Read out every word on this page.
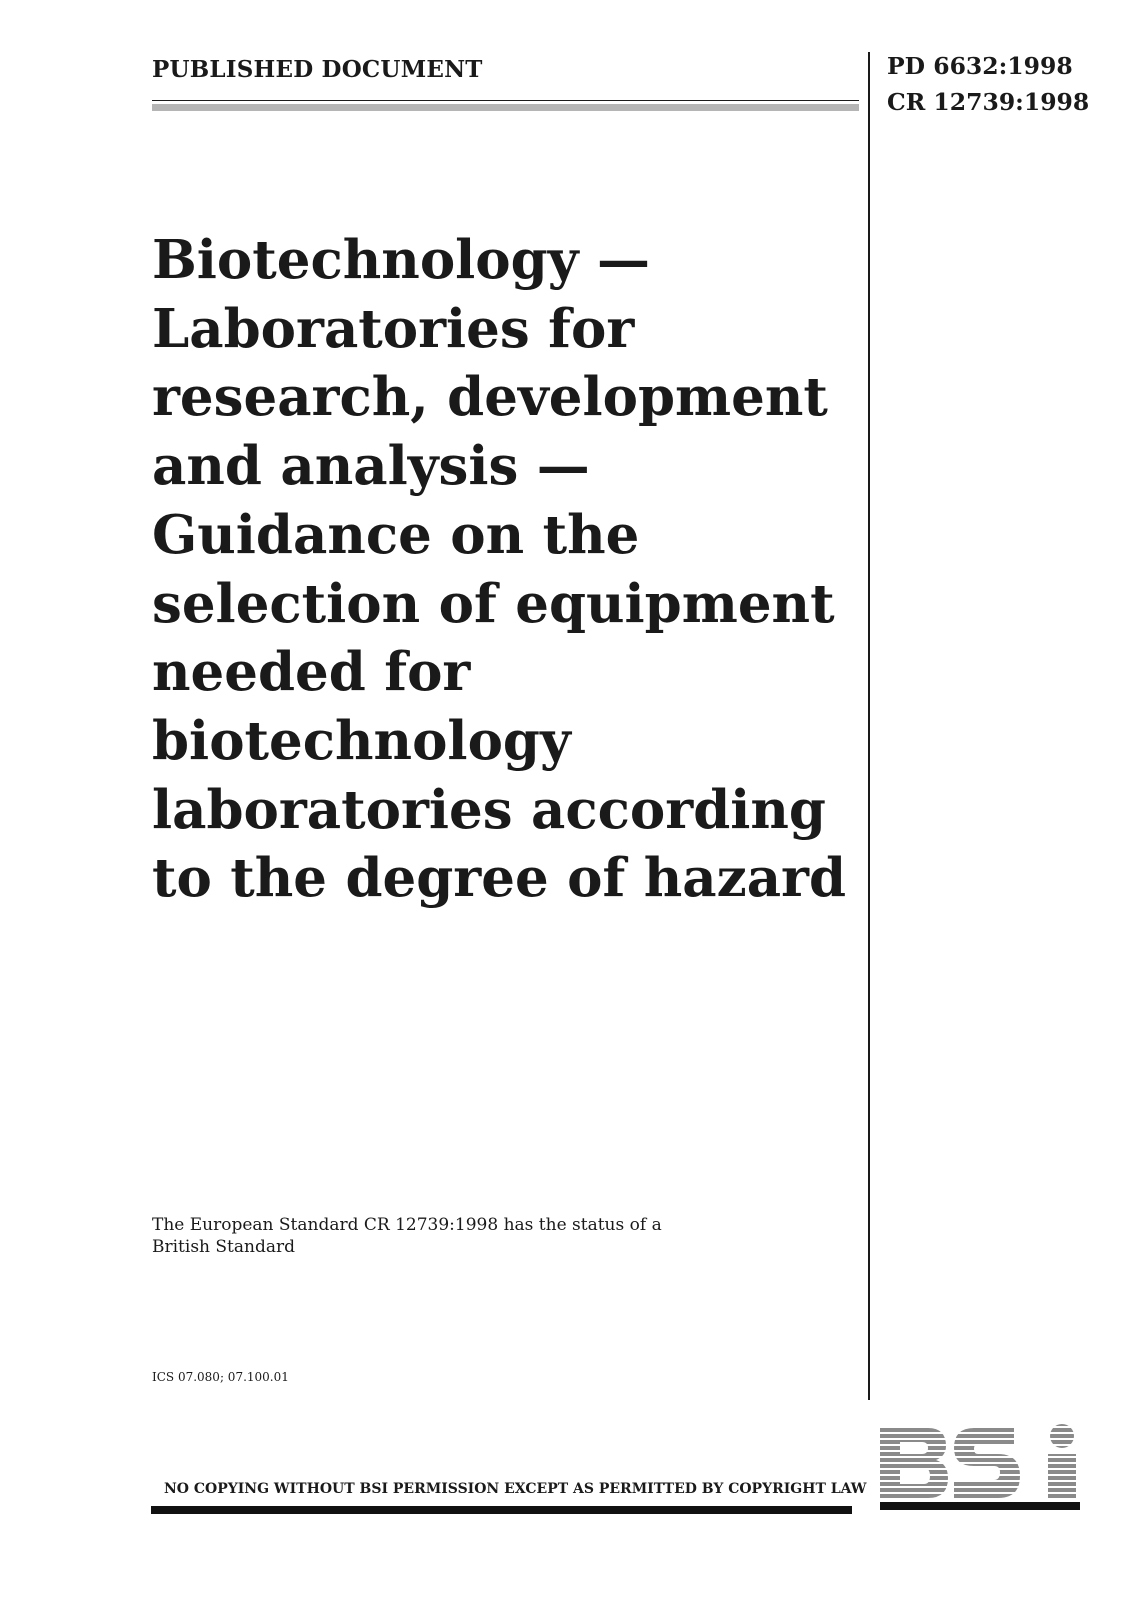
PUBLISHED DOCUMENT	PD 6632:1998
CR 12739:1998
Biotechnology —
Laboratories for
research, development
and analysis —
Guidance on the
selection of equipment
needed for
biotechnology
laboratories according
to the degree of hazard
The European Standard CR 12739:1998 has the status of a
British Standard
ICS 07.080; 07.100.01
NO COPYING WITHOUT BSI PERMISSION EXCEPT AS PERMITTED BY COPYRIGHT LAW
